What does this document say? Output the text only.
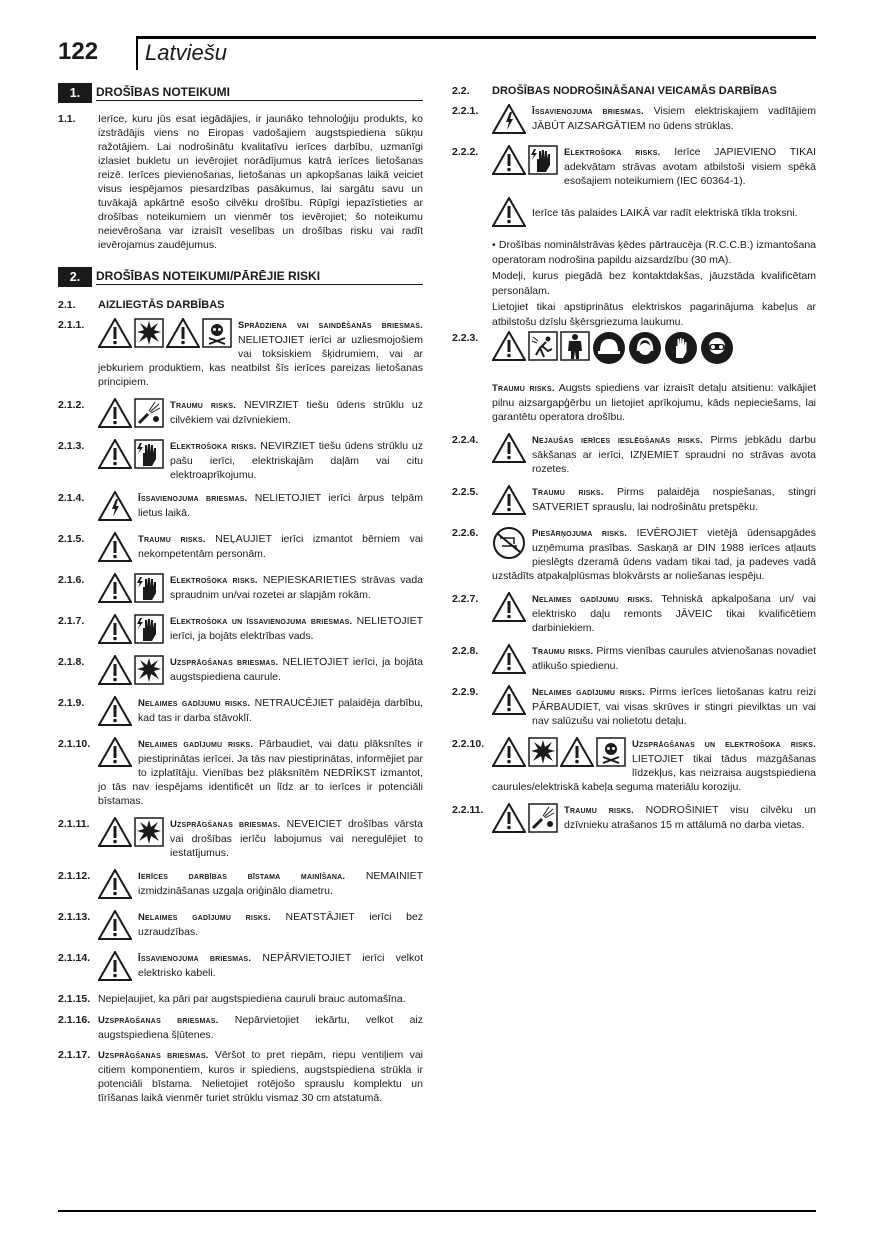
122 Latviešu
1.	DROŠĪBAS NOTEIKUMI
1.1.	Ierīce, kuru jūs esat iegādājies, ir jaunāko tehnoloģiju produkts, ko izstrādājis viens no Eiropas vadošajiem augstspiediena sūkņu ražotājiem. Lai nodrošinātu kvalitatīvu ierīces darbību, uzmanīgi izlasiet bukletu un ievērojiet norādījumus katrā ierīces lietošanas reizē. Ierīces pievienošanas, lietošanas un apkopšanas laikā veiciet visus iespējamos piesardzības pasākumus, lai sargātu savu un tuvākajā apkārtnē esošo cilvēku drošību. Rūpīgi iepazīstieties ar drošības noteikumiem un vienmēr tos ievērojiet; šo noteikumu neievērošana var izraisīt veselības un drošības risku vai radīt ievērojamus zaudējumus.
2.	DROŠĪBAS NOTEIKUMI/PĀRĒJIE RISKI
2.1.	AIZLIEGTĀS DARBĪBAS
2.1.1.	Sprādziena vai saindēšanās briesmas. NELIETOJIET ierīci ar uzliesmojošiem vai toksiskiem šķidrumiem, vai ar jebkuriem produktiem, kas neatbilst šīs ierīces pareizas lietošanas principiem.
2.1.2.	Traumu risks. NEVIRZIET tiešu ūdens strūklu uz cilvēkiem vai dzīvniekiem.
2.1.3.	Elektrošoka risks. NEVIRZIET tiešu ūdens strūklu uz pašu ierīci, elektriskajām daļām vai citu elektroaprīkojumu.
2.1.4.	Īssavienojuma briesmas. NELIETOJIET ierīci ārpus telpām lietus laikā.
2.1.5.	Traumu risks. NEĻAUJIET ierīci izmantot bērniem vai nekompetentām personām.
2.1.6.	Elektrošoka risks. NEPIESKARIETIES strāvas vada spraudnim un/vai rozetei ar slapjām rokām.
2.1.7.	Elektrošoka un īssavienojuma briesmas. NELIETOJIET ierīci, ja bojāts elektrības vads.
2.1.8.	Uzsprāgšanas briesmas. NELIETOJIET ierīci, ja bojāta augstspiediena caurule.
2.1.9.	Nelaimes gadījumu risks. NETRAUCĒJIET palaidēja darbību, kad tas ir darba stāvoklī.
2.1.10.	Nelaimes gadījumu risks. Pārbaudiet, vai datu plāksnītes ir piestiprinātas ierīcei. Ja tās nav piestiprinātas, informējiet par to izplatītāju. Vienības bez plāksnītēm NEDRĪKST izmantot, jo tās nav iespējams identificēt un līdz ar to ierīces ir potenciāli bīstamas.
2.1.11.	Uzsprāgšanas briesmas. NEVEICIET drošības vārsta vai drošības ierīču labojumus vai neregulējiet to iestatījumus.
2.1.12.	Ierīces darbības bīstama mainīšana. NEMAINIET izmidzināšanas uzgaļa oriģinālo diametru.
2.1.13.	Nelaimes gadījumu risks. NEATSTĀJIET ierīci bez uzraudzības.
2.1.14.	Īssavienojuma briesmas. NEPĀRVIETOJIET ierīci velkot elektrisko kabeli.
2.1.15. Nepieļaujiet, ka pāri par augstspiediena cauruli brauc automašīna.
2.1.16. Uzsprāgšanas briesmas. Nepārvietojiet iekārtu, velkot aiz augstspiediena šļūtenes.
2.1.17. Uzsprāgšanas briesmas. Vēršot to pret riepām, riepu ventiļiem vai citiem komponentiem, kuros ir spiediens, augstspiediena strūkla ir potenciāli bīstama. Nelietojiet rotējošo sprauslu komplektu un tīrīšanas laikā vienmēr turiet strūklu vismaz 30 cm atstatumā.
2.2.	DROŠĪBAS NODROŠINĀŠANAI VEICAMĀS DARBĪBAS
2.2.1.	Īssavienojuma briesmas. Visiem elektriskajiem vadītājiem JĀBŪT AIZSARGĀTIEM no ūdens strūklas.
2.2.2.	Elektrošoka risks. Ierīce JAPIEVIENO TIKAI adekvātam strāvas avotam atbilstoši visiem spēkā esošajiem noteikumiem (IEC 60364-1).
Ierīce tās palaides LAIKĀ var radīt elektriskā tīkla troksni.
• Drošības nominālstrāvas ķēdes pārtraucēja (R.C.C.B.) izmantošana operatoram nodrošina papildu aizsardzību (30 mA).
Modeļi, kurus piegādā bez kontaktdakšas, jāuzstāda kvalificētam personālam.
Lietojiet tikai apstiprinātus elektriskos pagarinājuma kabeļus ar atbilstošu dzīslu šķērsgriezuma laukumu.
2.2.3.

Traumu risks. Augsts spiediens var izraisīt detaļu atsitienu: valkājiet pilnu aizsargapģērbu un lietojiet aprīkojumu, kāds nepieciešams, lai garantētu operatora drošību.
2.2.4.	Nejaušas ierīces ieslēgšanās risks. Pirms jebkādu darbu sākšanas ar ierīci, IZŅEMIET spraudni no strāvas avota rozetes.
2.2.5.	Traumu risks. Pirms palaidēja nospiešanas, stingri SATVERIET sprauslu, lai nodrošinātu pretspēku.
2.2.6.	Piesārņojuma risks. IEVĒROJIET vietējā ūdensapgādes uzņēmuma prasības. Saskaņā ar DIN 1988 ierīces atļauts pieslēgts dzeramā ūdens vadam tikai tad, ja padeves vadā uzstādīts atpakaļplūsmas blokvārsts ar noliešanas iespēju.
2.2.7.	Nelaimes gadījumu risks. Tehniskā apkalpošana un/ vai elektrisko daļu remonts JĀVEIC tikai kvalificētiem darbiniekiem.
2.2.8.	Traumu risks. Pirms vienības caurules atvienošanas novadiet atlikušo spiedienu.
2.2.9.	Nelaimes gadījumu risks. Pirms ierīces lietošanas katru reizi PĀRBAUDIET, vai visas skrūves ir stingri pievilktas un vai nav salūzušu vai nolietotu detaļu.
2.2.10.	Uzsprāgšanas un elektrošoka risks. LIETOJIET tikai tādus mazgāšanas līdzekļus, kas neizraisa augstspiediena caurules/elektriskā kabeļa seguma materiālu koroziju.
2.2.11.	Traumu risks. NODROŠINIET visu cilvēku un dzīvnieku atrašanos 15 m attālumā no darba vietas.
